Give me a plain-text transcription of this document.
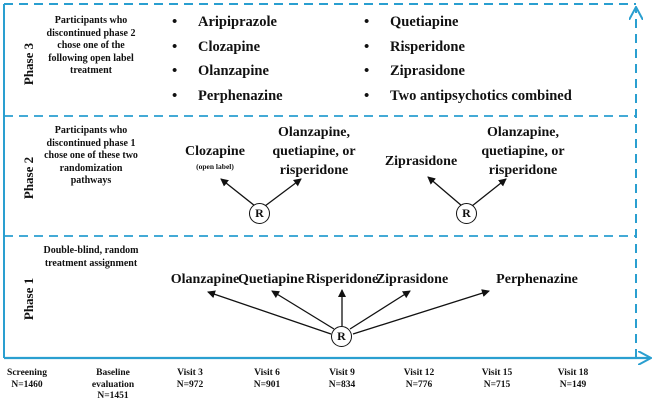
Phase 3
Phase 2
Phase 1
Participants who discontinued phase 2 chose one of the following open label treatment
Participants who discontinued phase 1 chose one of these two randomization pathways
Double-blind, random treatment assignment
• Aripiprazole
• Clozapine
• Olanzapine
• Perphenazine
• Quetiapine
• Risperidone
• Ziprasidone
• Two antipsychotics combined
Clozapine
(open label)
Olanzapine, quetiapine, or risperidone
R
Ziprasidone
Olanzapine, quetiapine, or risperidone
R
Olanzapine
Quetiapine Risperidone
Ziprasidone	Perphenazine
R
Screening
N=1460
Baseline evaluation
N=1451
Visit 3
N=972
Visit 6
N=901
Visit 9
N=834
Visit 12
N=776
Visit 15
N=715
Visit 18
N=149
